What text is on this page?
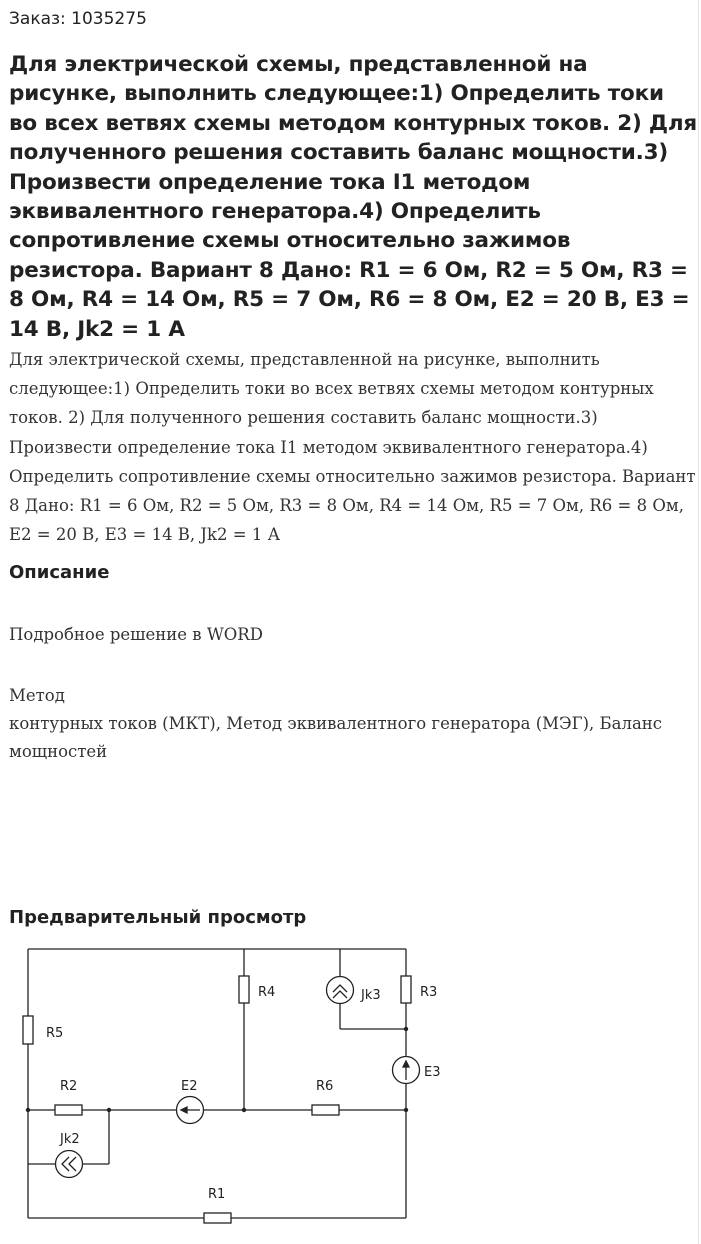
Заказ: 1035275
Для электрической схемы, представленной на рисунке, выполнить следующее:1) Определить токи во всех ветвях схемы методом контурных токов. 2) Для полученного решения составить баланс мощности.3) Произвести определение тока I1 методом эквивалентного генератора.4) Определить сопротивление схемы относительно зажимов резистора. Вариант 8 Дано: R1 = 6 Ом, R2 = 5 Ом, R3 = 8 Ом, R4 = 14 Ом, R5 = 7 Ом, R6 = 8 Ом, E2 = 20 В, E3 = 14 В, Jk2 = 1 А

Для электрической схемы, представленной на рисунке, выполнить следующее:1) Определить токи во всех ветвях схемы методом контурных токов. 2) Для полученного решения составить баланс мощности.3) Произвести определение тока I1 методом эквивалентного генератора.4) Определить сопротивление схемы относительно зажимов резистора. Вариант 8 Дано: R1 = 6 Ом, R2 = 5 Ом, R3 = 8 Ом, R4 = 14 Ом, R5 = 7 Ом, R6 = 8 Ом, E2 = 20 В, E3 = 14 В, Jk2 = 1 А

Описание

Подробное решение в WORD

Метод
контурных токов (МКТ), Метод эквивалентного генератора (МЭГ), Баланс мощностей
Предварительный просмотр
R5
R2	E2
R4	Jk3	R3
E3
R6
Jk2
R1
